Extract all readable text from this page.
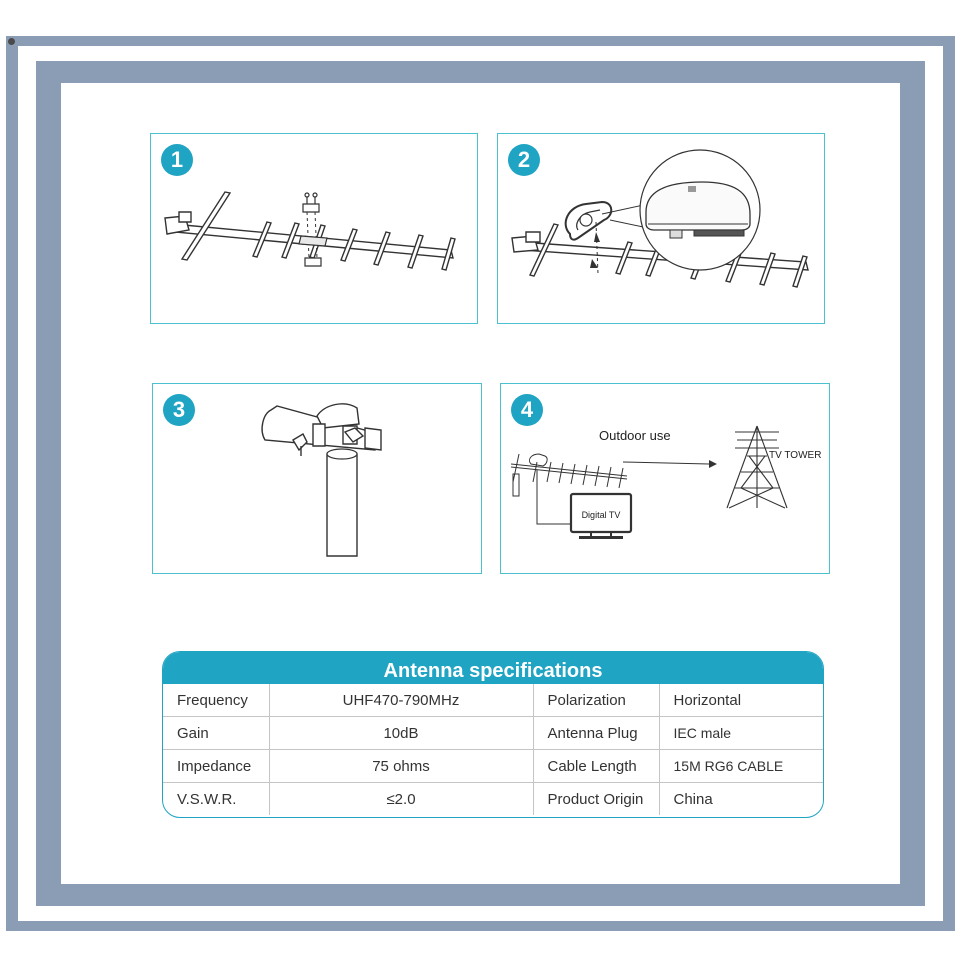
1	2
3
Digital TV
Outdoor use
TV TOWER
4
Antenna specifications
Frequency	UHF470-790MHz	Polarization	Horizontal
Gain	10dB	Antenna Plug	IEC male
Impedance	75 ohms	Cable Length	15M RG6 CABLE
V.S.W.R.	≤2.0	Product Origin	China
